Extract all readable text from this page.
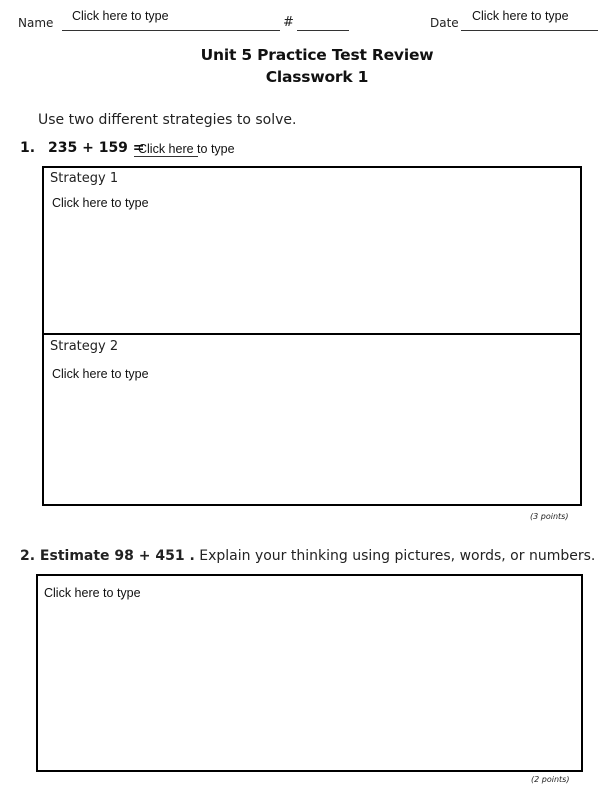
Name Click here to type	#	Date Click here to type
Unit 5 Practice Test Review
Classwork 1
Use two different strategies to solve.
1. 235 + 159 =
Click here to type
Strategy 1
Click here to type
Strategy 2
Click here to type
(3 points)
2. Estimate 98 + 451 . Explain your thinking using pictures, words, or numbers.
Click here to type
(2 points)
